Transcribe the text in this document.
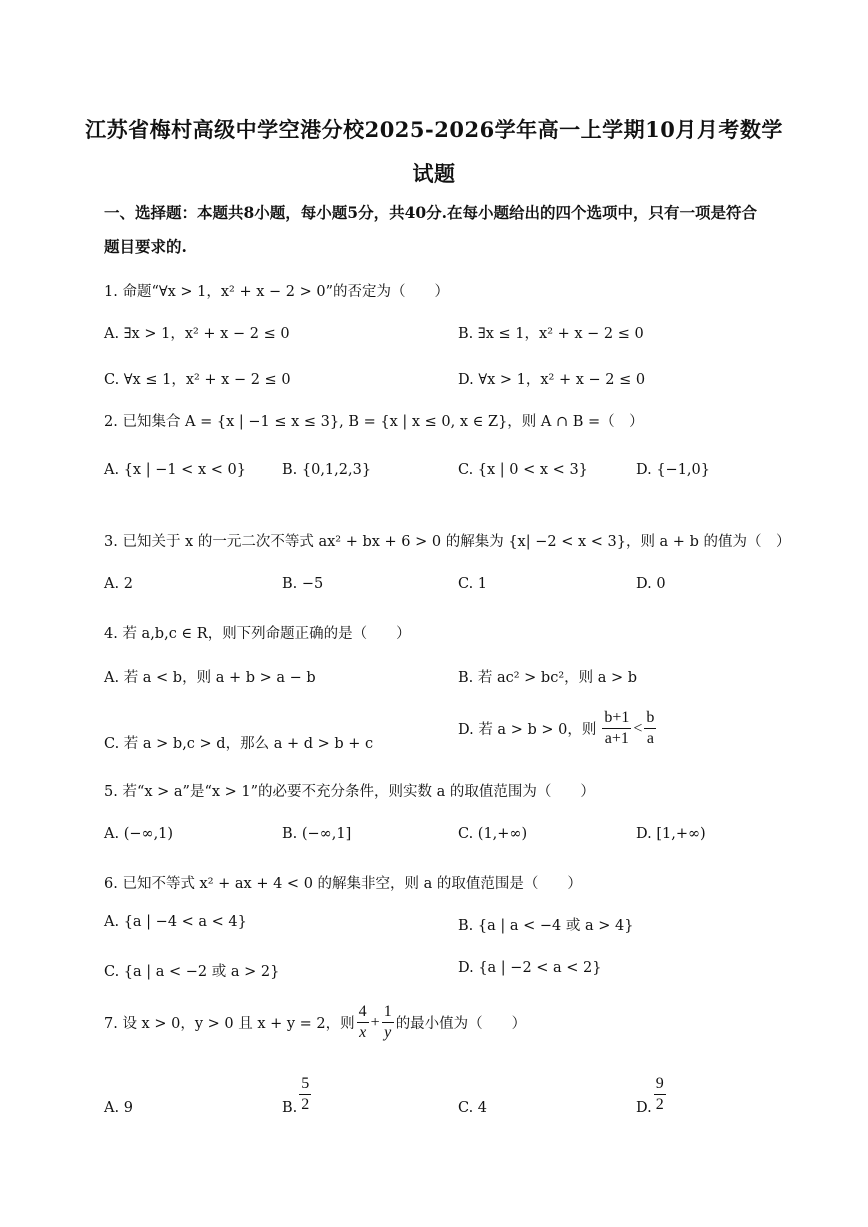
江苏省梅村高级中学空港分校2025-2026学年高一上学期10月月考数学
试题
一、选择题：本题共8小题，每小题5分，共40分.在每小题给出的四个选项中，只有一项是符合题目要求的.
1. 命题“∀x > 1，x² + x − 2 > 0”的否定为（　　）
A. ∃x > 1，x² + x − 2 ≤ 0	B. ∃x ≤ 1，x² + x − 2 ≤ 0
C. ∀x ≤ 1，x² + x − 2 ≤ 0	D. ∀x > 1，x² + x − 2 ≤ 0
2. 已知集合 A = {x | −1 ≤ x ≤ 3}, B = {x | x ≤ 0, x ∈ Z}，则 A ∩ B =（　）
A. {x | −1 < x < 0} B. {0,1,2,3}	C. {x | 0 < x < 3}	D. {−1,0}
3. 已知关于 x 的一元二次不等式 ax² + bx + 6 > 0 的解集为 {x| −2 < x < 3}，则 a + b 的值为（　）
A. 2	B. −5	C. 1	D. 0
4. 若 a,b,c ∈ R，则下列命题正确的是（　　）
A. 若 a < b，则 a + b > a − b	B. 若 ac² > bc²，则 a > b
C. 若 a > b,c > d，那么 a + d > b + c
D. 若 a > b > 0，则 $\frac{b+1}{a+1} < \frac{b}{a}$
5. 若“x > a”是“x > 1”的必要不充分条件，则实数 a 的取值范围为（　　）
A. (−∞,1)	B. (−∞,1]	C. (1,+∞)	D. [1,+∞)
6. 已知不等式 x² + ax + 4 < 0 的解集非空，则 a 的取值范围是（　　）
A. {a | −4 < a < 4}	B. {a | a < −4 或 a > 4}
C. {a | a < −2 或 a > 2}	D. {a | −2 < a < 2}
7. 设 x > 0，y > 0 且 x + y = 2，则 $\frac{4}{x} + \frac{1}{y}$ 的最小值为（　　）
A. 9	B. $\frac{5}{2}$	C. 4	D. $\frac{9}{2}$
